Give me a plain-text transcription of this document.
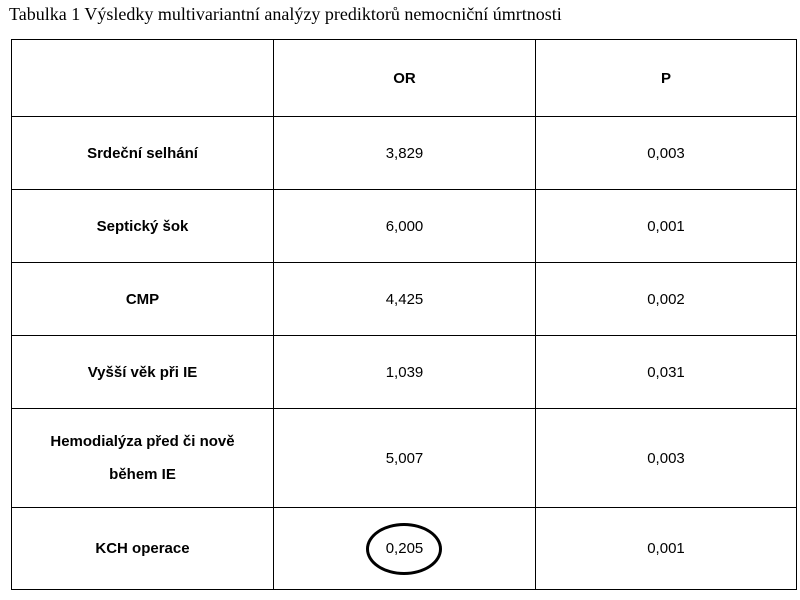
Tabulka 1 Výsledky multivariantní analýzy prediktorů nemocniční úmrtnosti
	OR	P
Srdeční selhání	3,829	0,003
Septický šok	6,000	0,001
CMP	4,425	0,002
Vyšší věk při IE	1,039	0,031
Hemodialýza před či nově
během IE	5,007	0,003
KCH operace	0,205	0,001
